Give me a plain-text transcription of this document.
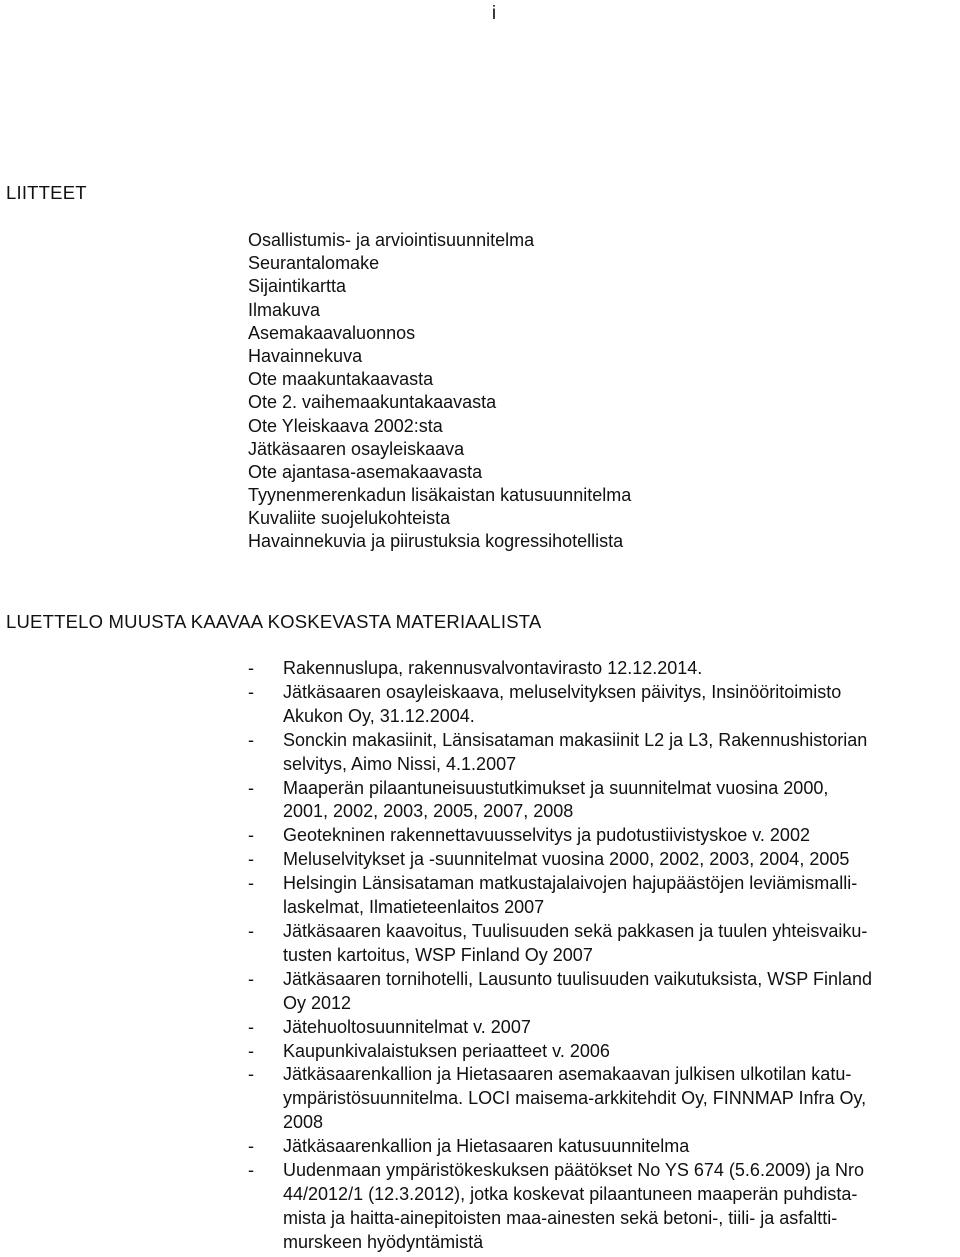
i
LIITTEET
Osallistumis- ja arviointisuunnitelma
Seurantalomake
Sijaintikartta
Ilmakuva
Asemakaavaluonnos
Havainnekuva
Ote maakuntakaavasta
Ote 2. vaihemaakuntakaavasta
Ote Yleiskaava 2002:sta
Jätkäsaaren osayleiskaava
Ote ajantasa-asemakaavasta
Tyynenmerenkadun lisäkaistan katusuunnitelma
Kuvaliite suojelukohteista
Havainnekuvia ja piirustuksia kogressihotellista
LUETTELO MUUSTA KAAVAA KOSKEVASTA MATERIAALISTA
-	Rakennuslupa, rakennusvalvontavirasto 12.12.2014.
-	Jätkäsaaren osayleiskaava, meluselvityksen päivitys, Insinööritoimisto
Akukon Oy, 31.12.2004.
-	Sonckin makasiinit, Länsisataman makasiinit L2 ja L3, Rakennushistorian
selvitys, Aimo Nissi, 4.1.2007
-	Maaperän pilaantuneisuustutkimukset ja suunnitelmat vuosina 2000,
2001, 2002, 2003, 2005, 2007, 2008
-	Geotekninen rakennettavuusselvitys ja pudotustiivistyskoe v. 2002
-	Meluselvitykset ja -suunnitelmat vuosina 2000, 2002, 2003, 2004, 2005
-	Helsingin Länsisataman matkustajalaivojen hajupäästöjen leviämismalli-
laskelmat, Ilmatieteenlaitos 2007
-	Jätkäsaaren kaavoitus, Tuulisuuden sekä pakkasen ja tuulen yhteisvaiku-
tusten kartoitus, WSP Finland Oy 2007
-	Jätkäsaaren tornihotelli, Lausunto tuulisuuden vaikutuksista, WSP Finland
Oy 2012
-	Jätehuoltosuunnitelmat v. 2007
-	Kaupunkivalaistuksen periaatteet v. 2006
-	Jätkäsaarenkallion ja Hietasaaren asemakaavan julkisen ulkotilan katu-
ympäristösuunnitelma. LOCI maisema-arkkitehdit Oy, FINNMAP Infra Oy,
2008
-	Jätkäsaarenkallion ja Hietasaaren katusuunnitelma
-	Uudenmaan ympäristökeskuksen päätökset No YS 674 (5.6.2009) ja Nro
44/2012/1 (12.3.2012), jotka koskevat pilaantuneen maaperän puhdista-
mista ja haitta-ainepitoisten maa-ainesten sekä betoni-, tiili- ja asfaltti-
murskeen hyödyntämistä
